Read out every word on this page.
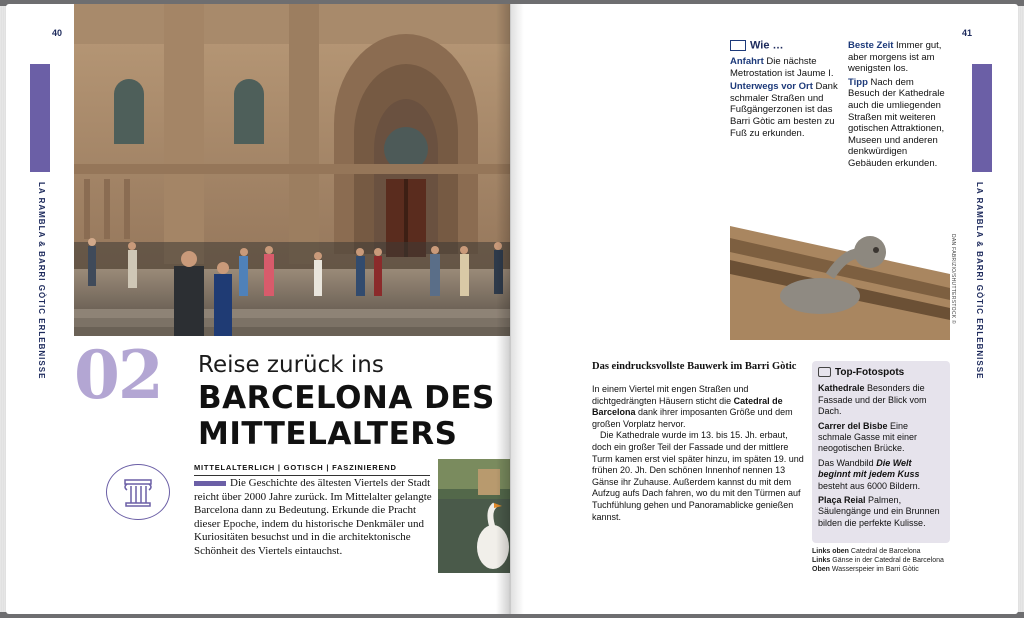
40
LA RAMBLA & BARRI GÒTIC ERLEBNISSE 02 Reise zurück ins
BARCELONA DES
MITTELALTERS
MITTELALTERLICH | GOTISCH | FASZINIEREND
Die Geschichte des ältesten Viertels der Stadt reicht über 2000 Jahre zurück. Im Mittelalter gelangte Barcelona dann zu Bedeutung. Erkunde die Pracht dieser Epoche, indem du historische Denkmäler und Kuriositäten besuchst und in die architektonische Schönheit des Viertels eintauchst.
41
LA RAMBLA & BARRI GÒTIC ERLEBNISSE
DAN FABRIZIO/SHUTTERSTOCK ©
Wie …
Anfahrt Die nächste Metrostation ist Jaume I.
Unterwegs vor Ort Dank schmaler Straßen und Fußgängerzonen ist das Barri Gòtic am besten zu Fuß zu erkunden.
Beste Zeit Immer gut, aber morgens ist am wenigsten los.
Tipp Nach dem Besuch der Kathedrale auch die umliegenden Straßen mit weiteren gotischen Attraktionen, Museen und anderen denkwürdigen Gebäuden erkunden.
Das eindrucksvollste Bauwerk im Barri Gòtic
In einem Viertel mit engen Straßen und dichtgedrängten Häusern sticht die Catedral de Barcelona dank ihrer imposanten Größe und dem großen Vorplatz hervor.
Die Kathedrale wurde im 13. bis 15. Jh. erbaut, doch ein großer Teil der Fassade und der mittlere Turm kamen erst viel später hinzu, im späten 19. und frühen 20. Jh. Den schönen Innenhof nennen 13 Gänse ihr Zuhause. Außerdem kannst du mit dem Aufzug aufs Dach fahren, wo du mit den Türmen auf Tuchfühlung gehen und Panoramablicke genießen kannst.
Top-Fotospots
Kathedrale Besonders die Fassade und der Blick vom Dach.
Carrer del Bisbe Eine schmale Gasse mit einer neogotischen Brücke.
Das Wandbild Die Welt beginnt mit jedem Kuss besteht aus 6000 Bildern.
Plaça Reial Palmen, Säulengänge und ein Brunnen bilden die perfekte Kulisse.
Links oben Catedral de Barcelona
Links Gänse in der Catedral de Barcelona
Oben Wasserspeier im Barri Gòtic
